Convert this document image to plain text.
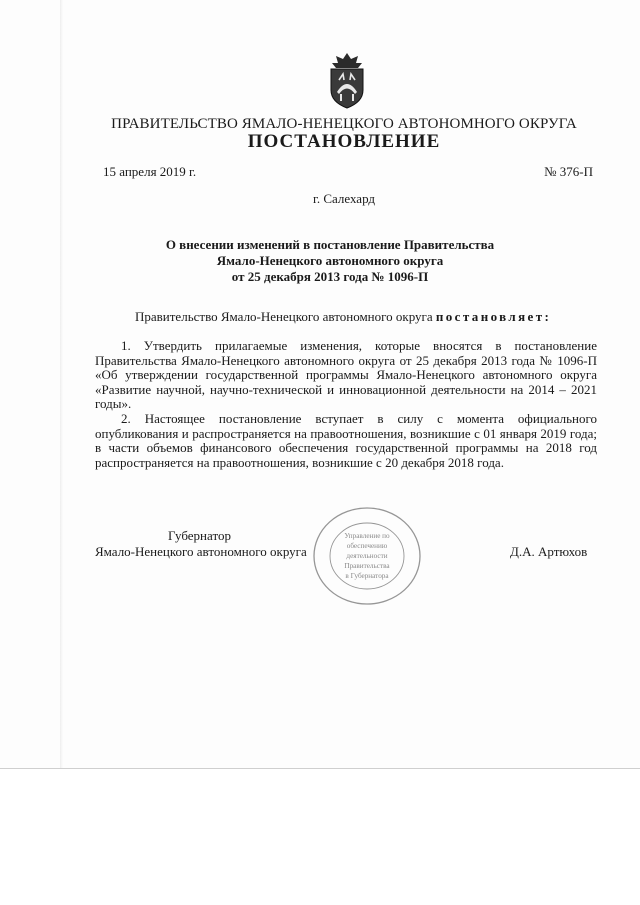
ПРАВИТЕЛЬСТВО ЯМАЛО-НЕНЕЦКОГО АВТОНОМНОГО ОКРУГА
ПОСТАНОВЛЕНИЕ
15 апреля 2019 г.	№ 376-П
г. Салехард
О внесении изменений в постановление Правительства
Ямало-Ненецкого автономного округа
от 25 декабря 2013 года № 1096-П
Правительство Ямало-Ненецкого автономного округа постановляет:

1. Утвердить прилагаемые изменения, которые вносятся в постановление Правительства Ямало-Ненецкого автономного округа от 25 декабря 2013 года № 1096-П «Об утверждении государственной программы Ямало-Ненецкого автономного округа «Развитие научной, научно-технической и инновационной деятельности на 2014 – 2021 годы».

2. Настоящее постановление вступает в силу с момента официального опубликования и распространяется на правоотношения, возникшие с 01 января 2019 года; в части объемов финансового обеспечения государственной программы на 2018 год распространяется на правоотношения, возникшие с 20 декабря 2018 года.

Губернатор
Ямало-Ненецкого автономного округа	Д.А. Артюхов
Управление по
обеспечению
деятельности
Правительства
в Губернатора
